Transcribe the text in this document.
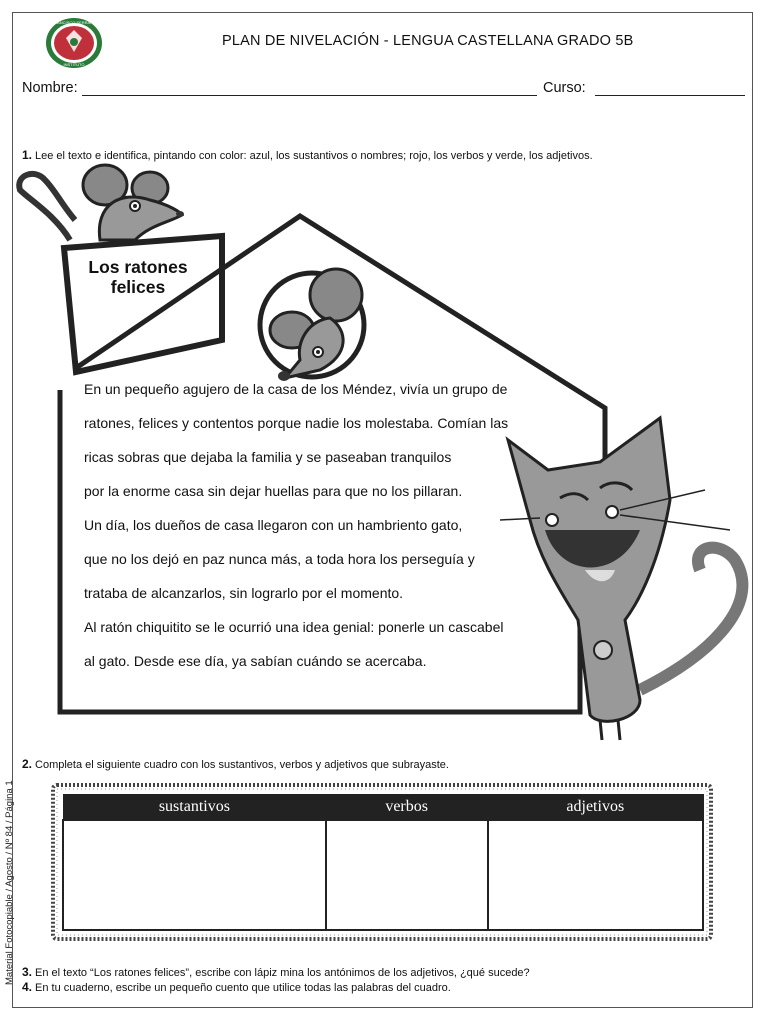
FRANCISCO SERRANO
INSTITUTO
PLAN DE NIVELACIÓN - LENGUA CASTELLANA GRADO 5B
Nombre:	Curso:
1. Lee el texto e identifica, pintando con color: azul, los sustantivos o nombres; rojo, los verbos y verde, los adjetivos.
Los ratones
felices

En un pequeño agujero de la casa de los Méndez, vivía un grupo de

ratones, felices y contentos porque nadie los molestaba. Comían las

ricas sobras que dejaba la familia y se paseaban tranquilos

por la enorme casa sin dejar huellas para que no los pillaran.

Un día, los dueños de casa llegaron con un hambriento gato,

que no los dejó en paz nunca más, a toda hora los perseguía y

trataba de alcanzarlos, sin lograrlo por el momento.

Al ratón chiquitito se le ocurrió una idea genial: ponerle un cascabel

al gato. Desde ese día, ya sabían cuándo se acercaba.

2. Completa el siguiente cuadro con los sustantivos, verbos y adjetivos que subrayaste.
sustantivos	verbos	adjetivos

3. En el texto “Los ratones felices”, escribe con lápiz mina los antónimos de los adjetivos, ¿qué sucede?
4. En tu cuaderno, escribe un pequeño cuento que utilice todas las palabras del cuadro.
Material Fotocopiable / Agosto / Nº 84 / Página 1
